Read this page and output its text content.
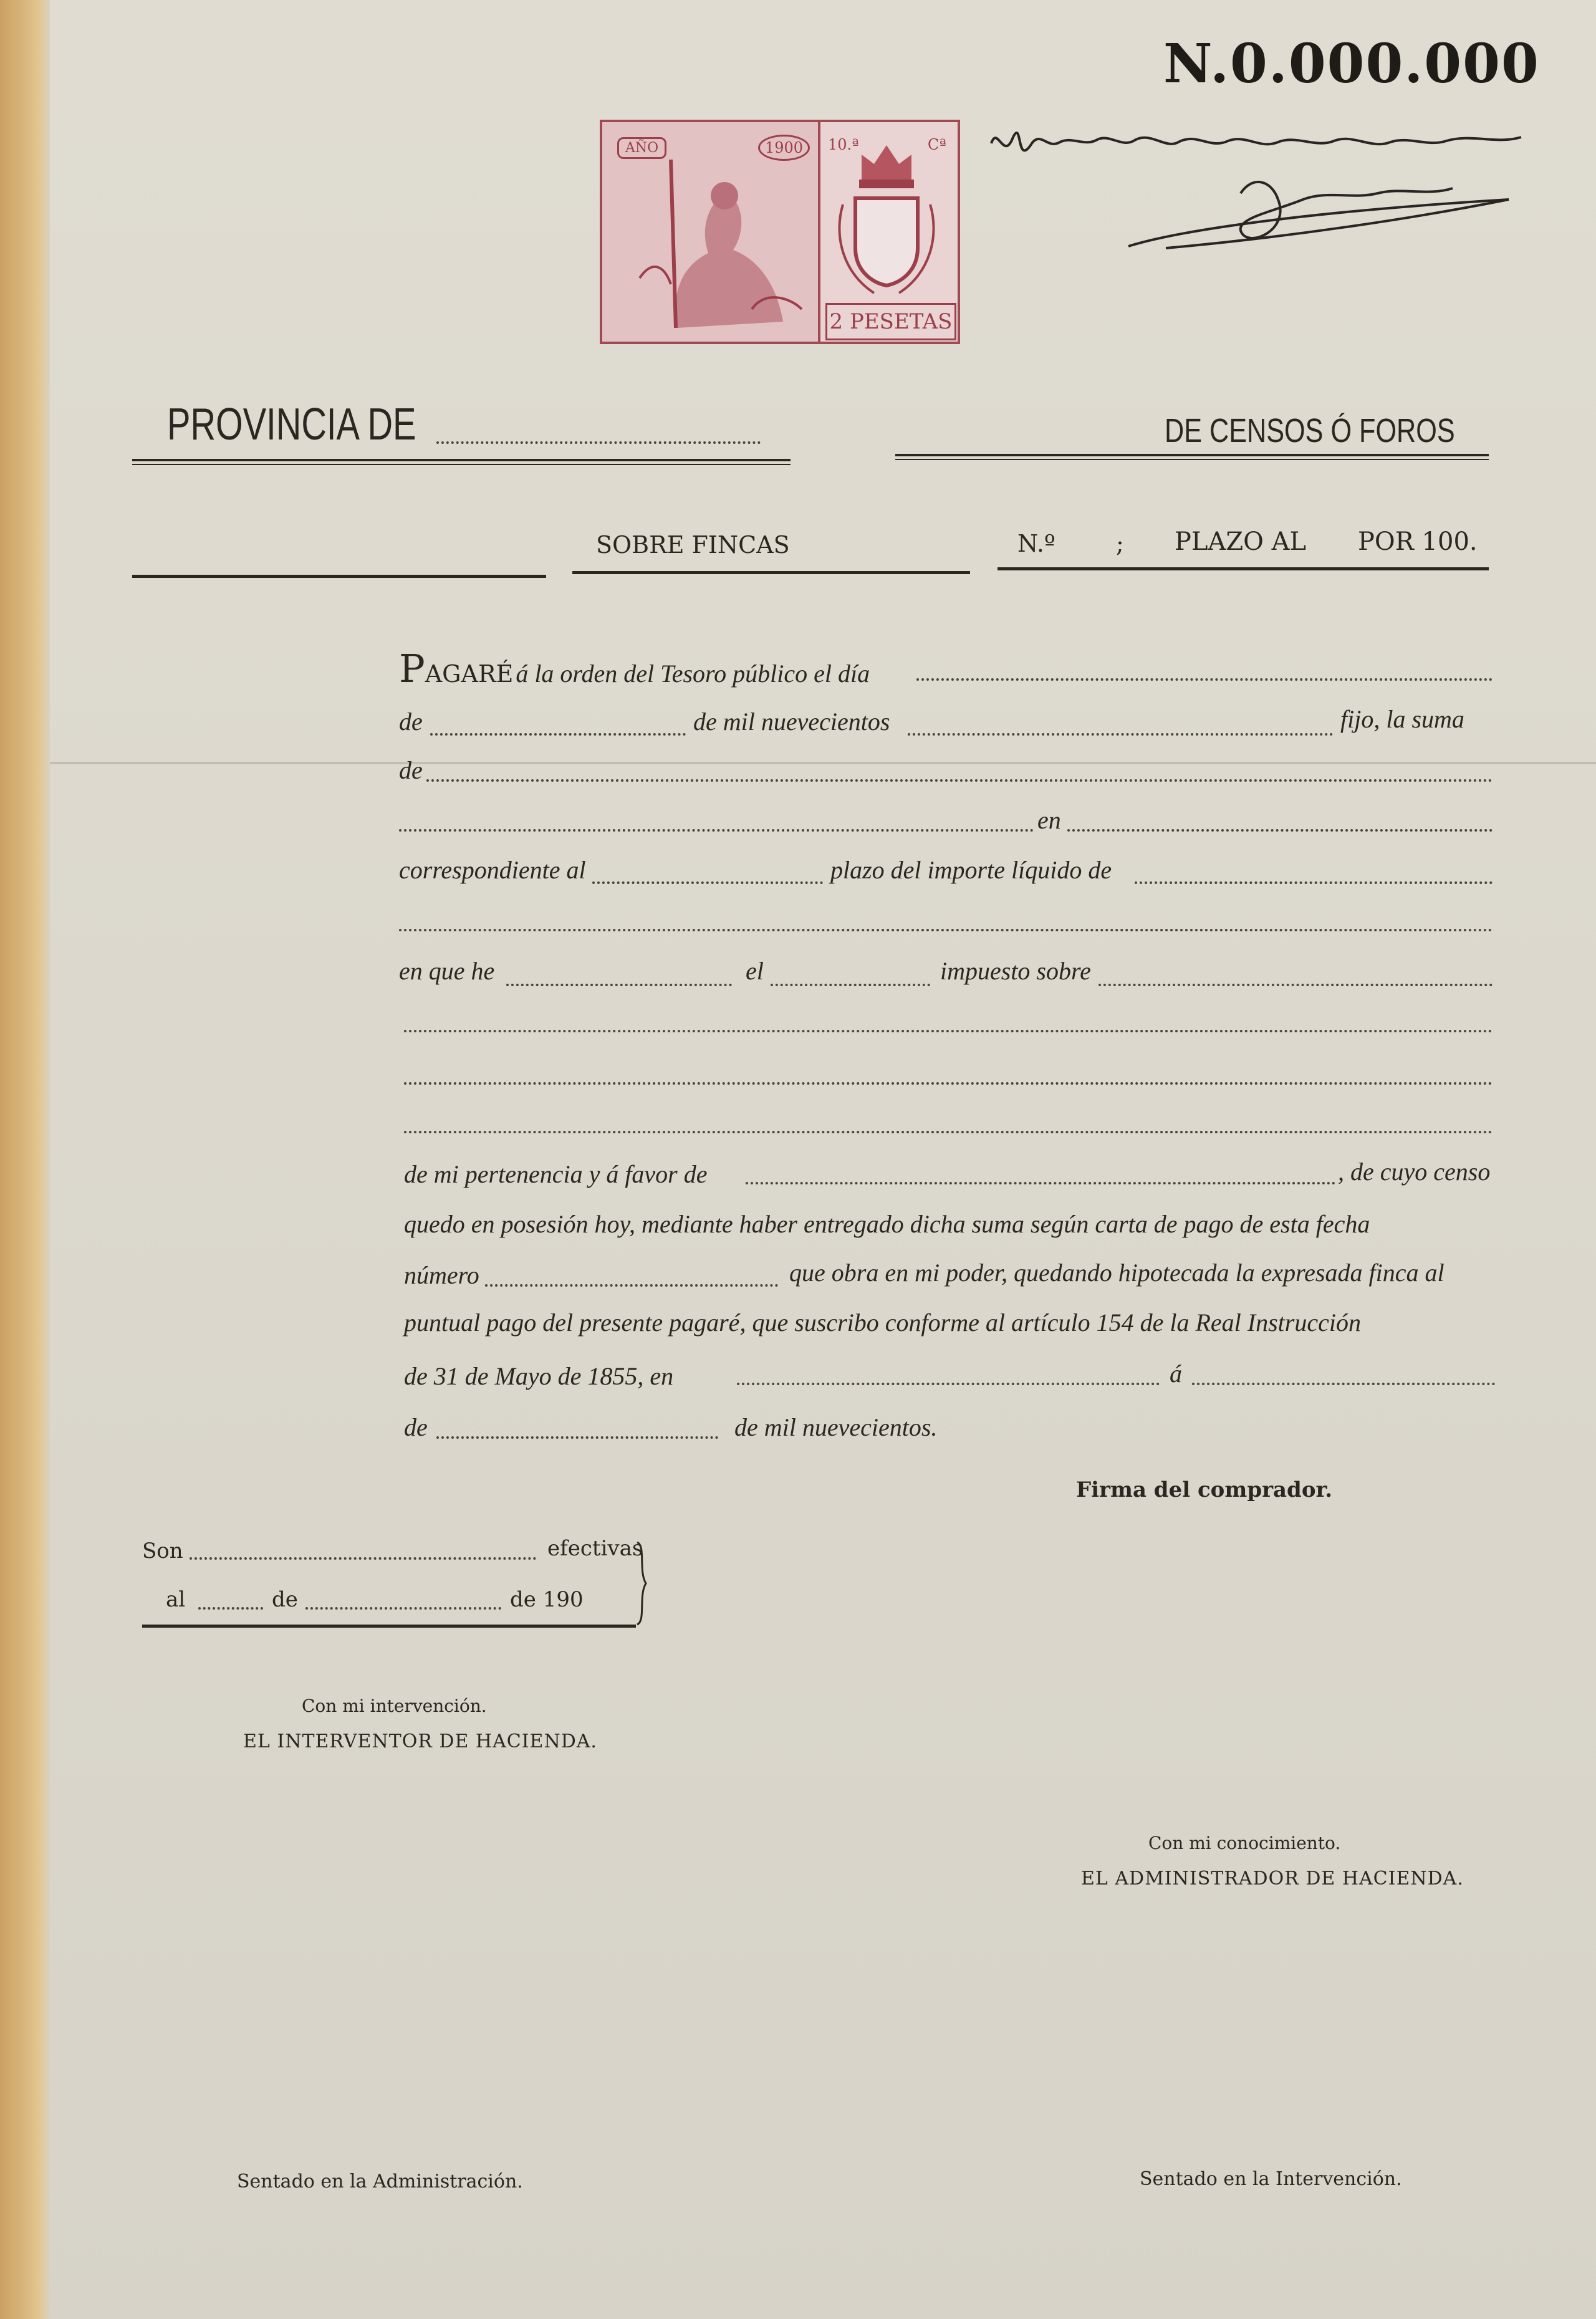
N.0.000.000
AÑO	1900	10.ª	Cª
2 PESETAS
PROVINCIA DE	DE CENSOS Ó FOROS
SOBRE FINCAS	N.º	; PLAZO AL POR 100.
PAGARÉ á la orden del Tesoro público el día
de	de mil nuevecientos	fijo, la suma
de
en
correspondiente al	plazo del importe líquido de
en que he	el	impuesto sobre
de mi pertenencia y á favor de	, de cuyo censo
quedo en posesión hoy, mediante haber entregado dicha suma según carta de pago de esta fecha
número	que obra en mi poder, quedando hipotecada la expresada finca al
puntual pago del presente pagaré, que suscribo conforme al artículo 154 de la Real Instrucción
de 31 de Mayo de 1855, en	á
de	de mil nuevecientos.
Firma del comprador.
Son	efectivas
al	de	de 190
Con mi intervención.
EL INTERVENTOR DE HACIENDA.
Con mi conocimiento.
EL ADMINISTRADOR DE HACIENDA.
Sentado en la Administración.	Sentado en la Intervención.
